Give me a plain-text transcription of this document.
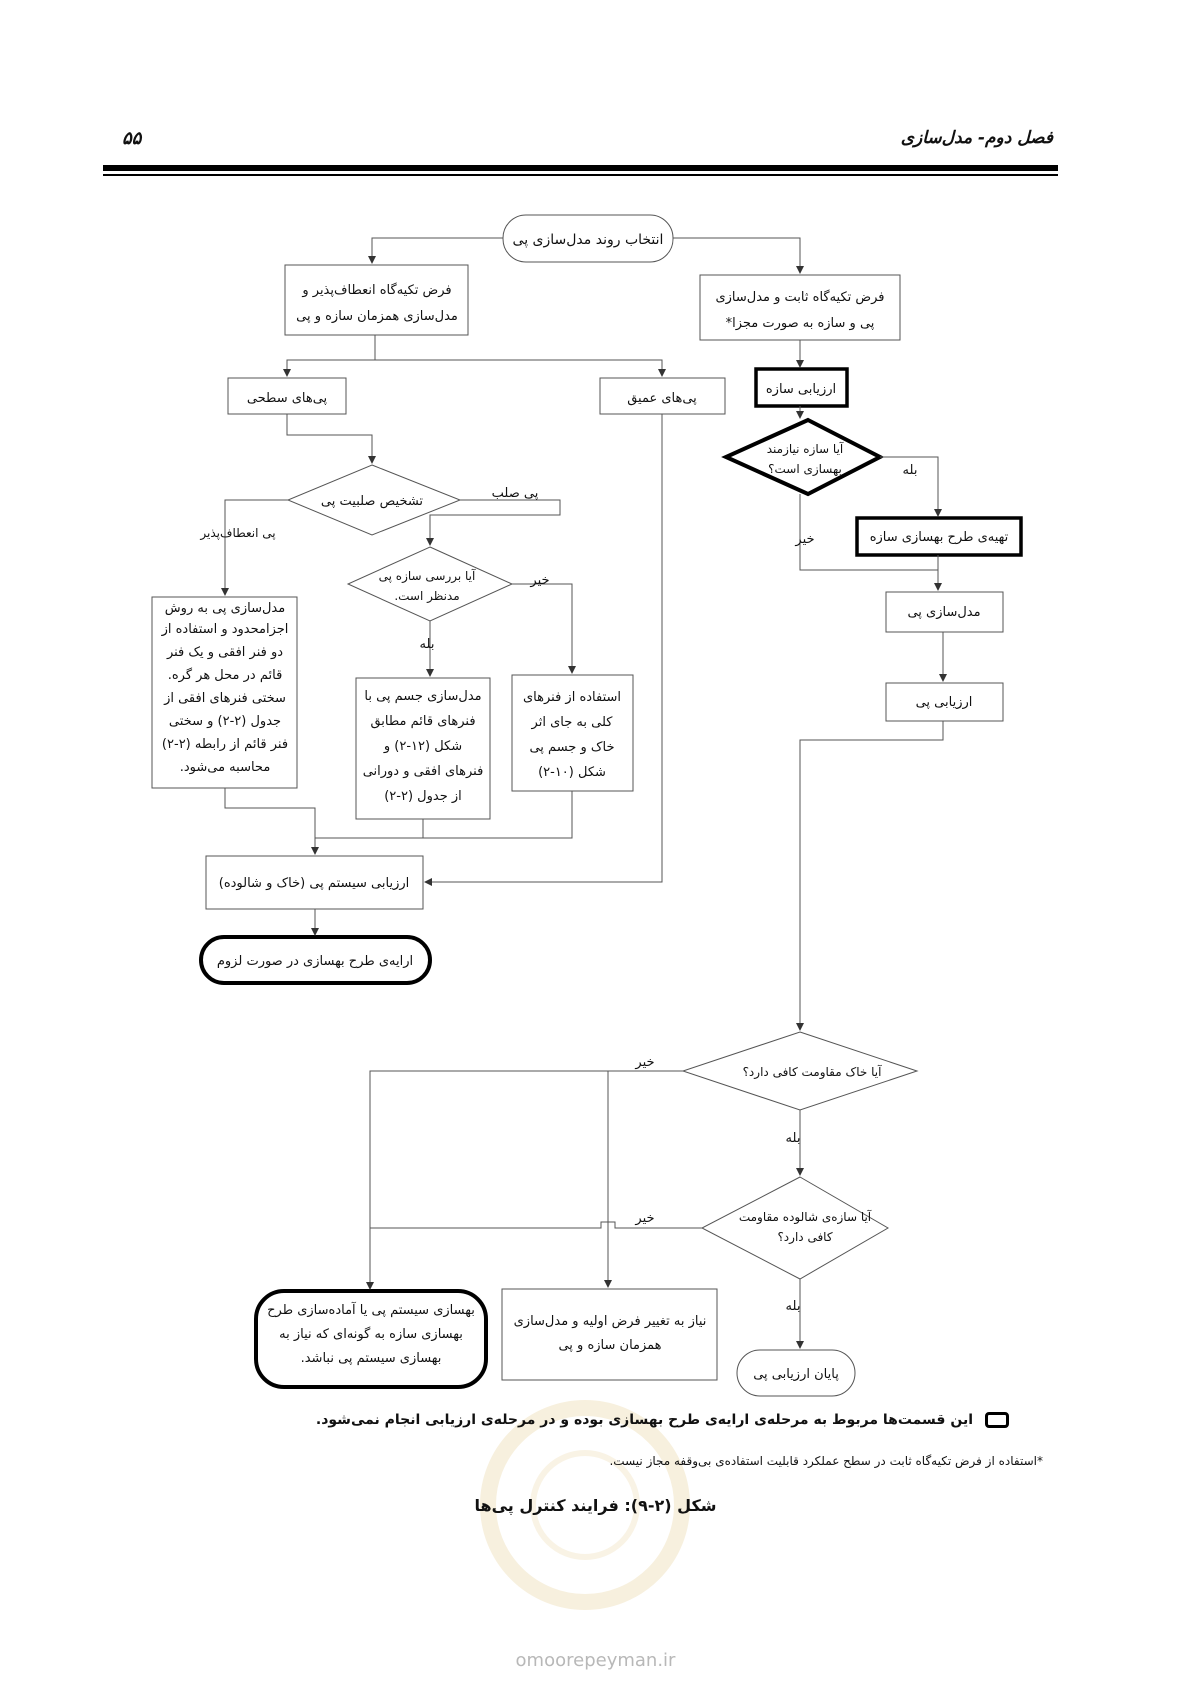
فصل دوم- مدل‌سازی
۵۵
انتخاب روند مدل‌سازی پی
فرض تکیه‌گاه انعطاف‌پذیر و
مدل‌سازی همزمان سازه و پی
فرض تکیه‌گاه ثابت و مدل‌سازی
پی و سازه به صورت مجزا*
پی‌های سطحی	پی‌های عمیق
ارزیابی سازه
آیا سازه نیازمند
بهسازی است؟	بله
خیر	تهیه‌ی طرح بهسازی سازه
تشخیص صلبیت پی
پی صلب
پی انعطاف‌پذیر
آیا بررسی سازه پی
مدنظر است.
خیر
بله
مدل‌سازی پی
ارزیابی پی
مدل‌سازی پی به روش
اجزامحدود و استفاده از
دو فنر افقی و یک فنر
قائم در محل هر گره.
سختی فنرهای افقی از
جدول (۲-۲) و سختی
فنر قائم از رابطه (۲-۲)
محاسبه می‌شود.
مدل‌سازی جسم پی با
فنرهای قائم مطابق
شکل (۱۲-۲) و
فنرهای افقی و دورانی
از جدول (۲-۲)
استفاده از فنرهای
کلی به جای اثر
خاک و جسم پی
شکل (۱۰-۲)
ارزیابی سیستم پی (خاک و شالوده)
ارایه‌ی طرح بهسازی در صورت لزوم
آیا خاک مقاومت کافی دارد؟
خیر
بله
آیا سازه‌ی شالوده مقاومت
کافی دارد؟
خیر
بله
نیاز به تغییر فرض اولیه و مدل‌سازی
همزمان سازه و پی
بهسازی سیستم پی یا آماده‌سازی طرح
بهسازی سازه به گونه‌ای که نیاز به
بهسازی سیستم پی نباشد.
پایان ارزیابی پی
این قسمت‌ها مربوط به مرحله‌ی ارایه‌ی طرح بهسازی بوده و در مرحله‌ی ارزیابی انجام نمی‌شود.
*استفاده از فرض تکیه‌گاه ثابت در سطح عملکرد قابلیت استفاده‌ی بی‌وقفه مجاز نیست.
شکل (۲-۹): فرایند کنترل پی‌ها
omoorepeyman.ir
